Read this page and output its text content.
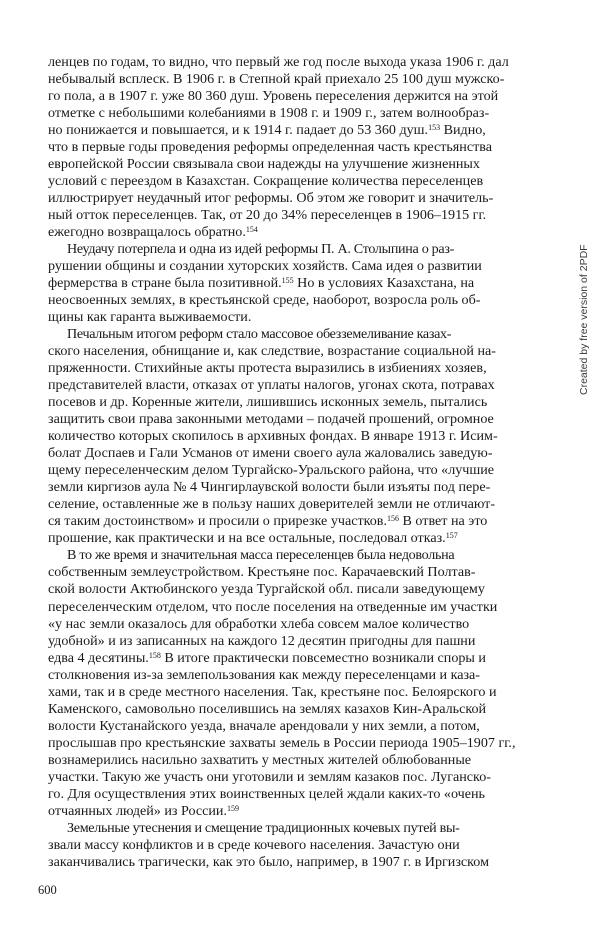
ленцев по годам, то видно, что первый же год после выхода указа 1906 г. дал

небывалый всплеск. В 1906 г. в Степной край приехало 25 100 душ мужско-

го пола, а в 1907 г. уже 80 360 душ. Уровень переселения держится на этой

отметке с небольшими колебаниями в 1908 г. и 1909 г., затем волнообраз-

но понижается и повышается, и к 1914 г. падает до 53 360 душ.$^{153}$ Видно,

что в первые годы проведения реформы определенная часть крестьянства

европейской России связывала свои надежды на улучшение жизненных

условий с переездом в Казахстан. Сокращение количества переселенцев

иллюстрирует неудачный итог реформы. Об этом же говорит и значитель-

ный отток переселенцев. Так, от 20 до 34% переселенцев в 1906–1915 гг.

ежегодно возвращалось обратно.$^{154}$

Неудачу потерпела и одна из идей реформы П. А. Столыпина о раз-

рушении общины и создании хуторских хозяйств. Сама идея о развитии

фермерства в стране была позитивной.$^{155}$ Но в условиях Казахстана, на

неосвоенных землях, в крестьянской среде, наоборот, возросла роль об-

щины как гаранта выживаемости.

Печальным итогом реформ стало массовое обезземеливание казах-

ского населения, обнищание и, как следствие, возрастание социальной на-

пряженности. Стихийные акты протеста выразились в избиениях хозяев,

представителей власти, отказах от уплаты налогов, угонах скота, потравах

посевов и др. Коренные жители, лишившись исконных земель, пытались

защитить свои права законными методами – подачей прошений, огромное

количество которых скопилось в архивных фондах. В январе 1913 г. Исим-

болат Доспаев и Гали Усманов от имени своего аула жаловались заведую-

щему переселенческим делом Тургайско-Уральского района, что «лучшие

земли киргизов аула № 4 Чингирлаувской волости были изъяты под пере-

селение, оставленные же в пользу наших доверителей земли не отличают-

ся таким достоинством» и просили о прирезке участков.$^{156}$ В ответ на это

прошение, как практически и на все остальные, последовал отказ.$^{157}$

В то же время и значительная масса переселенцев была недовольна

собственным землеустройством. Крестьяне пос. Карачаевский Полтав-

ской волости Актюбинского уезда Тургайской обл. писали заведующему

переселенческим отделом, что после поселения на отведенные им участки

«у нас земли оказалось для обработки хлеба совсем малое количество

удобной» и из записанных на каждого 12 десятин пригодны для пашни

едва 4 десятины.$^{158}$ В итоге практически повсеместно возникали споры и

столкновения из-за землепользования как между переселенцами и каза-

хами, так и в среде местного населения. Так, крестьяне пос. Белоярского и

Каменского, самовольно поселившись на землях казахов Кин-Аральской

волости Кустанайского уезда, вначале арендовали у них земли, а потом,

прослышав про крестьянские захваты земель в России периода 1905–1907 гг.,

вознамерились насильно захватить у местных жителей облюбованные

участки. Такую же участь они уготовили и землям казаков пос. Луганско-

го. Для осуществления этих воинственных целей ждали каких-то «очень

отчаянных людей» из России.$^{159}$

Земельные утеснения и смещение традиционных кочевых путей вы-

звали массу конфликтов и в среде кочевого населения. Зачастую они

заканчивались трагически, как это было, например, в 1907 г. в Иргизском

600
Created by free version of 2PDF
